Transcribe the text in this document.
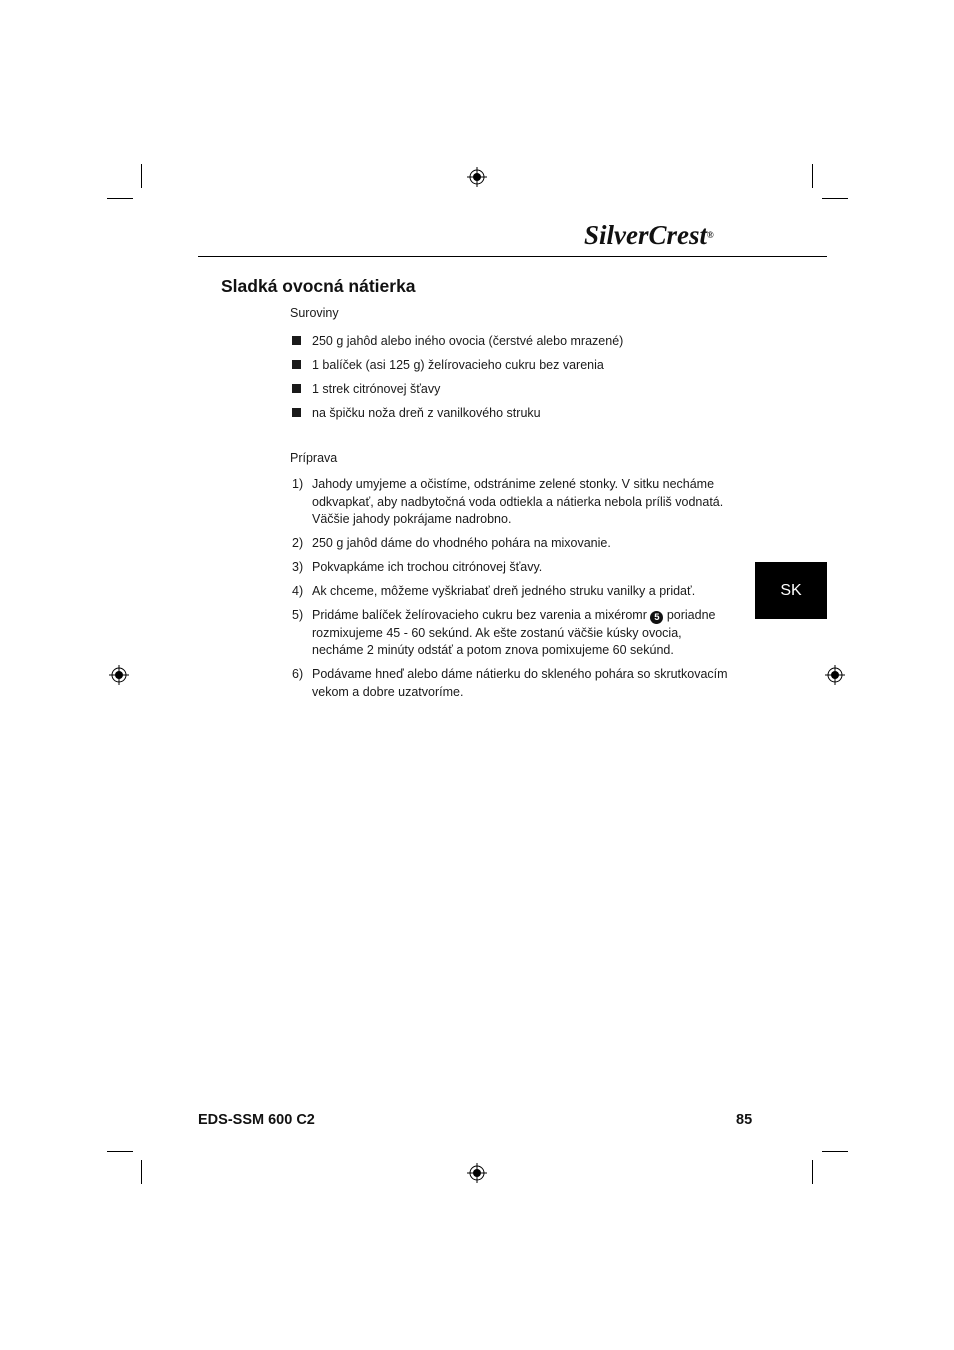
SilverCrest®
Sladká ovocná nátierka
Suroviny
250 g jahôd alebo iného ovocia (čerstvé alebo mrazené)
1 balíček (asi 125 g) želírovacieho cukru bez varenia
1 strek citrónovej šťavy
na špičku noža dreň z vanilkového struku
Príprava
1) Jahody umyjeme a očistíme, odstránime zelené stonky. V sitku necháme odkvapkať, aby nadbytočná voda odtiekla a nátierka nebola príliš vodnatá. Väčšie jahody pokrájame nadrobno.
2) 250 g jahôd dáme do vhodného pohára na mixovanie.
3) Pokvapkáme ich trochou citrónovej šťavy.
4) Ak chceme, môžeme vyškriabať dreň jedného struku vanilky a pridať.
5) Pridáme balíček želírovacieho cukru bez varenia a mixéromr 5 poriadne rozmixujeme 45 - 60 sekúnd. Ak ešte zostanú väčšie kúsky ovocia, necháme 2 minúty odstáť a potom znova pomixujeme 60 sekúnd.
6) Podávame hneď alebo dáme nátierku do skleného pohára so skrutkovacím vekom a dobre uzatvoríme.
SK
EDS-SSM 600 C2	85
